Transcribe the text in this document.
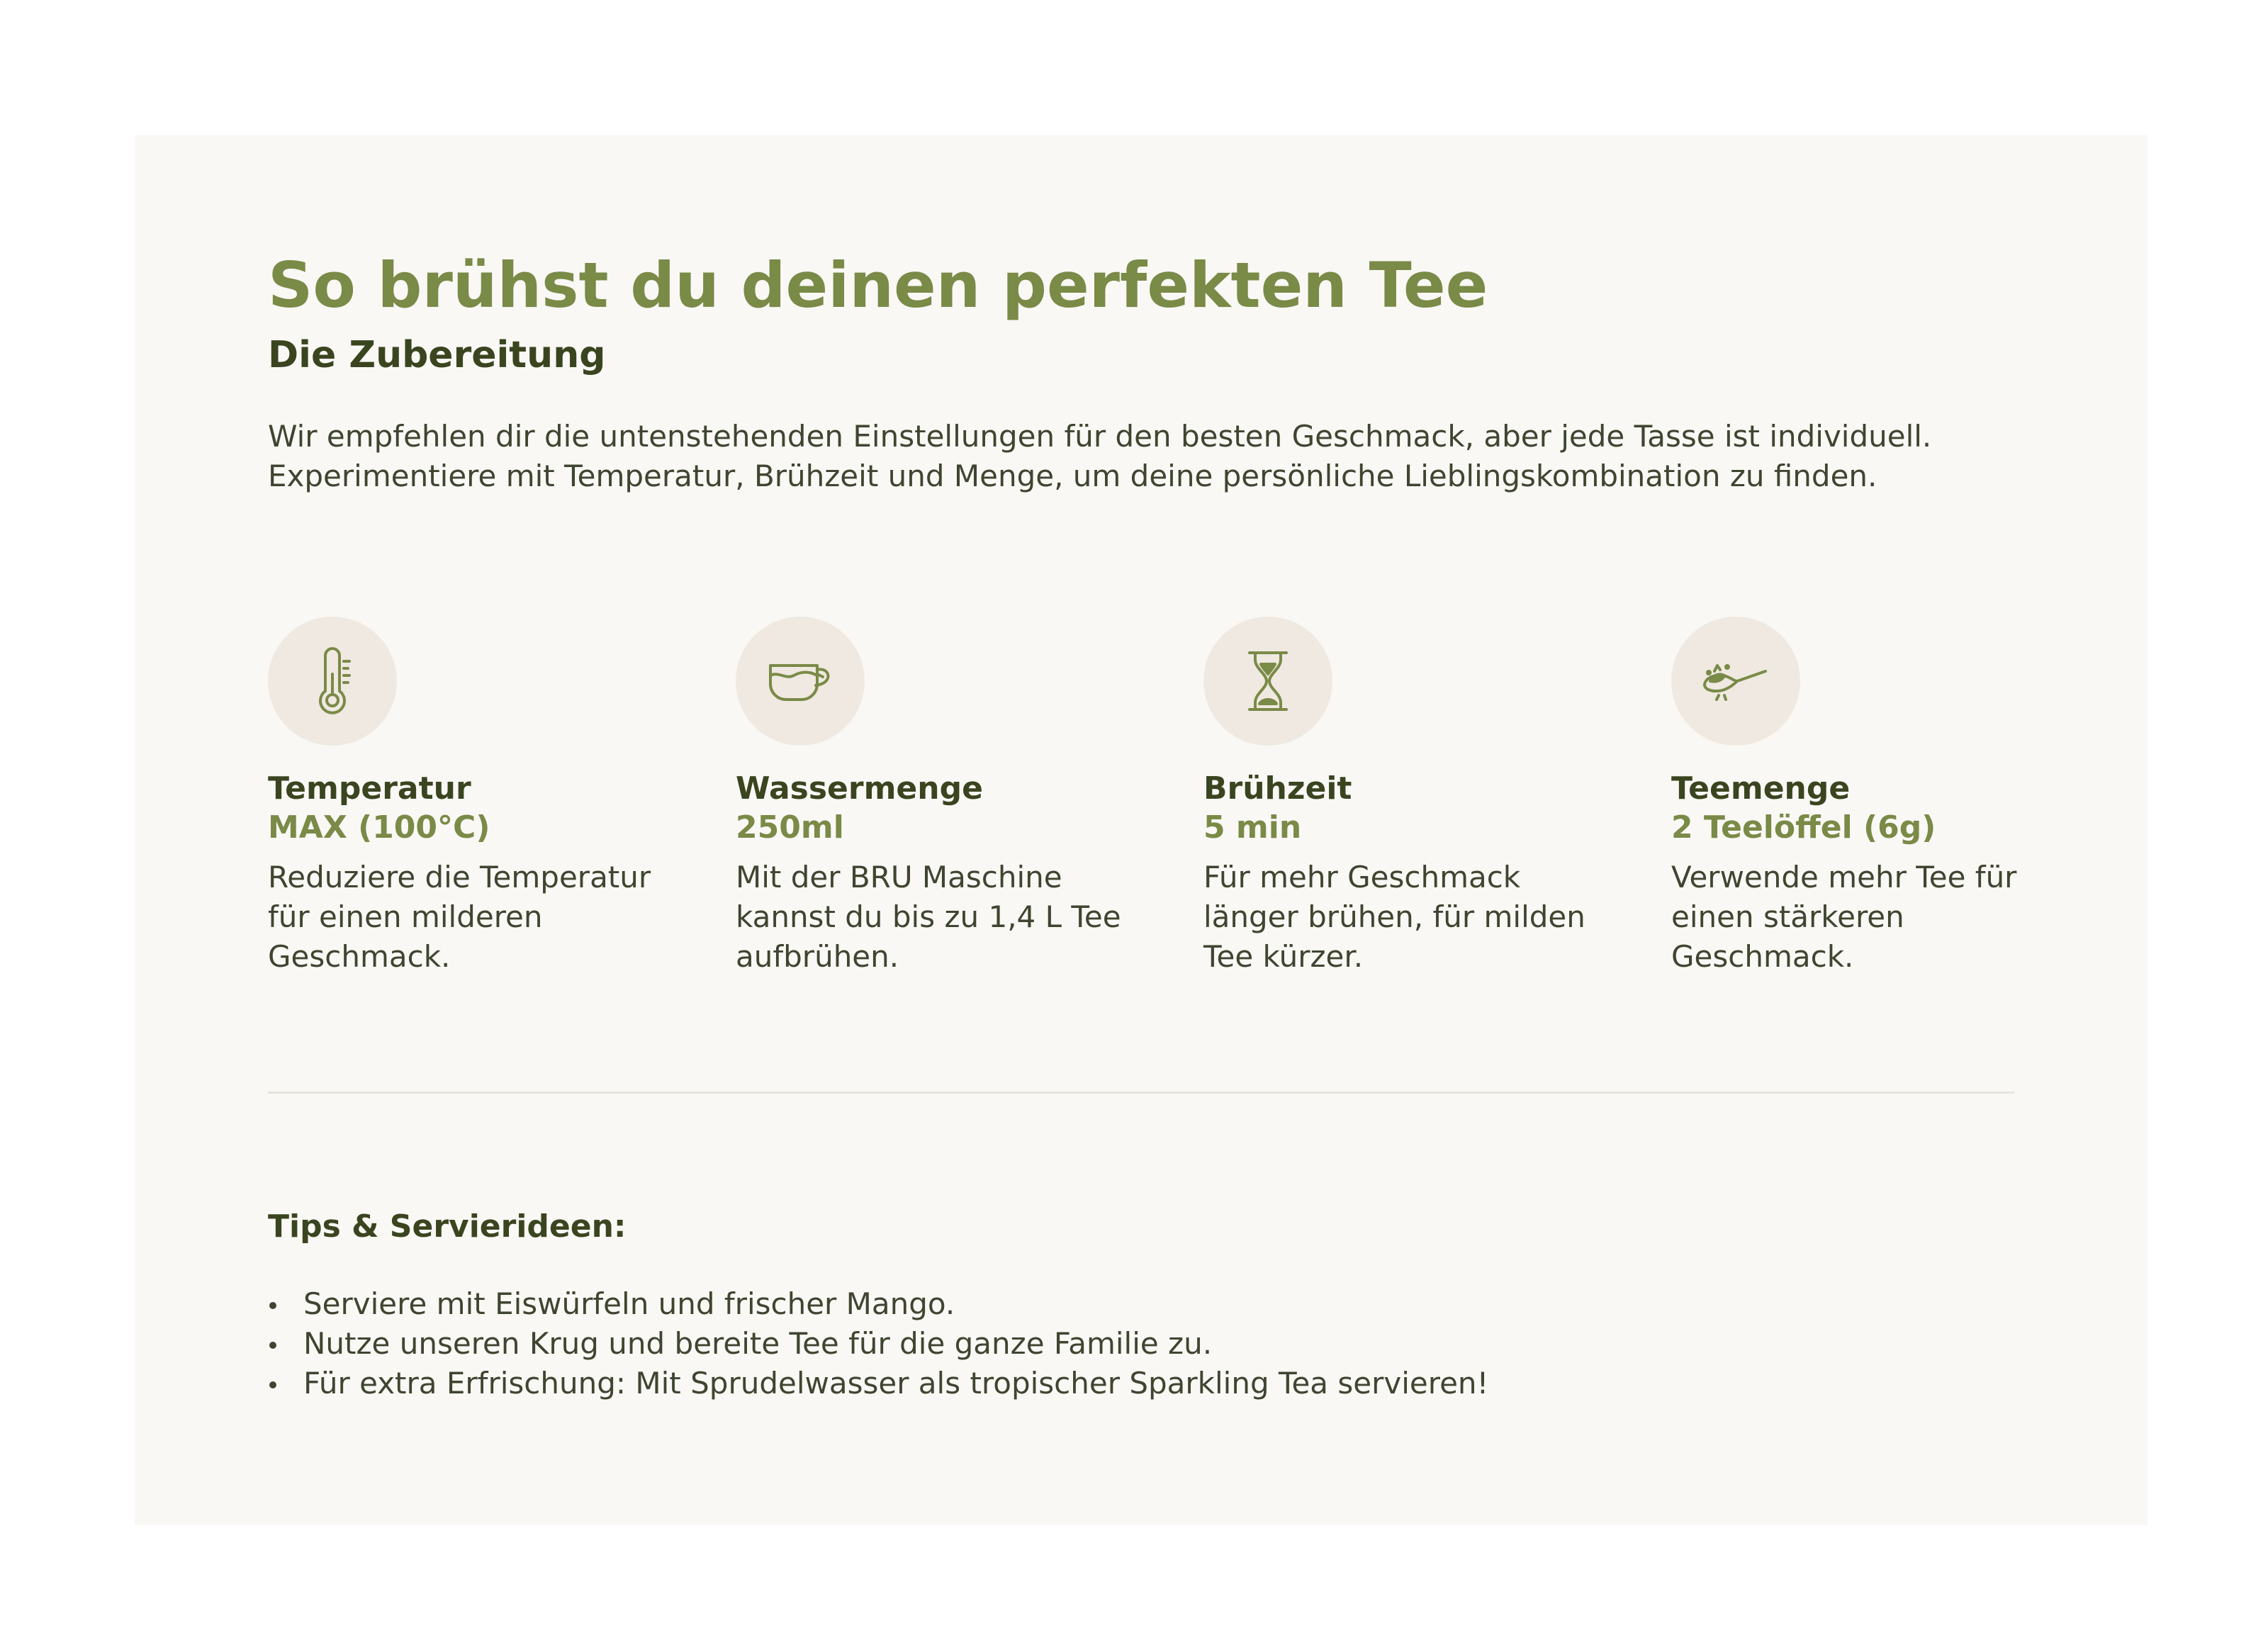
So brühst du deinen perfekten Tee
Die Zubereitung

Wir empfehlen dir die untenstehenden Einstellungen für den besten Geschmack, aber jede Tasse ist individuell. Experimentiere mit Temperatur, Brühzeit und Menge, um deine persönliche Lieblingskombination zu finden.

Temperatur
MAX (100°C)

Reduziere die Temperatur für einen milderen Geschmack.

Wassermenge
250ml

Mit der BRU Maschine kannst du bis zu 1,4 L Tee aufbrühen.

Brühzeit
5 min

Für mehr Geschmack länger brühen, für milden Tee kürzer.

Teemenge
2 Teelöffel (6g)

Verwende mehr Tee für einen stärkeren Geschmack.

Tips & Servierideen:
Serviere mit Eiswürfeln und frischer Mango.
Nutze unseren Krug und bereite Tee für die ganze Familie zu.
Für extra Erfrischung: Mit Sprudelwasser als tropischer Sparkling Tea servieren!
